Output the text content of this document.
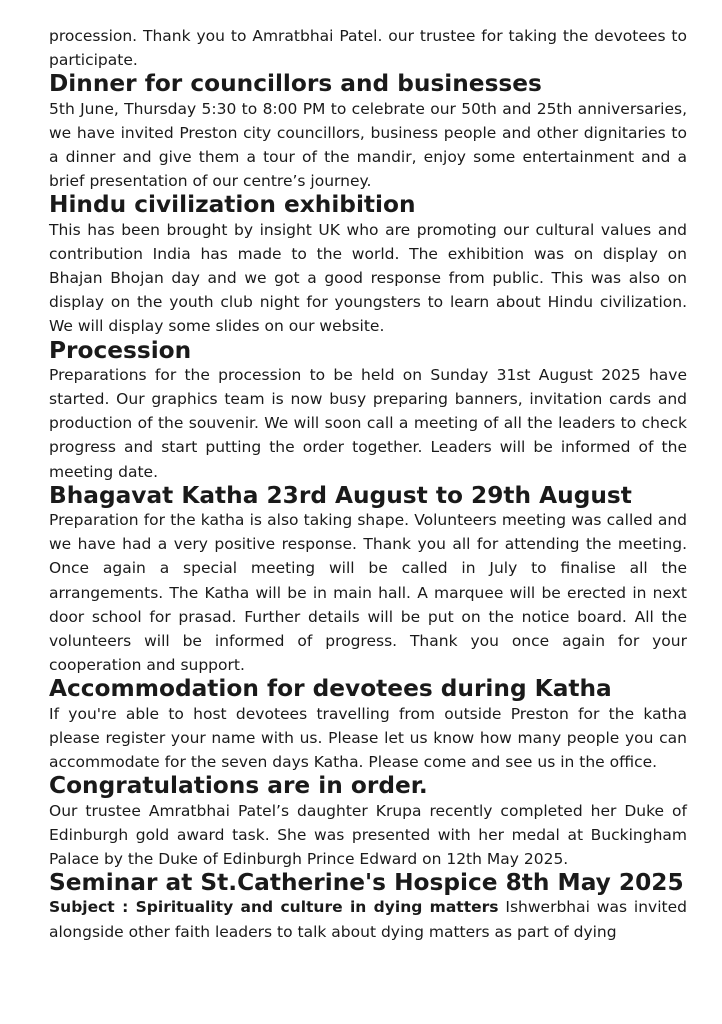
procession. Thank you to Amratbhai Patel. our trustee for taking the devotees to participate.

Dinner for councillors and businesses

5th June, Thursday 5:30 to 8:00 PM to celebrate our 50th and 25th anniversaries, we have invited Preston city councillors, business people and other dignitaries to a dinner and give them a tour of the mandir, enjoy some entertainment and a brief presentation of our centre’s journey.

Hindu civilization exhibition

This has been brought by insight UK who are promoting our cultural values and contribution India has made to the world. The exhibition was on display on Bhajan Bhojan day and we got a good response from public. This was also on display on the youth club night for youngsters to learn about Hindu civilization. We will display some slides on our website.

Procession

Preparations for the procession to be held on Sunday 31st August 2025 have started. Our graphics team is now busy preparing banners, invitation cards and production of the souvenir. We will soon call a meeting of all the leaders to check progress and start putting the order together. Leaders will be informed of the meeting date.

Bhagavat Katha 23rd August to 29th August

Preparation for the katha is also taking shape. Volunteers meeting was called and we have had a very positive response. Thank you all for attending the meeting. Once again a special meeting will be called in July to finalise all the arrangements. The Katha will be in main hall. A marquee will be erected in next door school for prasad. Further details will be put on the notice board. All the volunteers will be informed of progress. Thank you once again for your cooperation and support.

Accommodation for devotees during Katha

If you're able to host devotees travelling from outside Preston for the katha please register your name with us. Please let us know how many people you can accommodate for the seven days Katha. Please come and see us in the office.

Congratulations are in order.

Our trustee Amratbhai Patel’s daughter Krupa recently completed her Duke of Edinburgh gold award task. She was presented with her medal at Buckingham Palace by the Duke of Edinburgh Prince Edward on 12th May 2025.

Seminar at St.Catherine's Hospice 8th May 2025

Subject : Spirituality and culture in dying matters Ishwerbhai was invited alongside other faith leaders to talk about dying matters as part of dying
